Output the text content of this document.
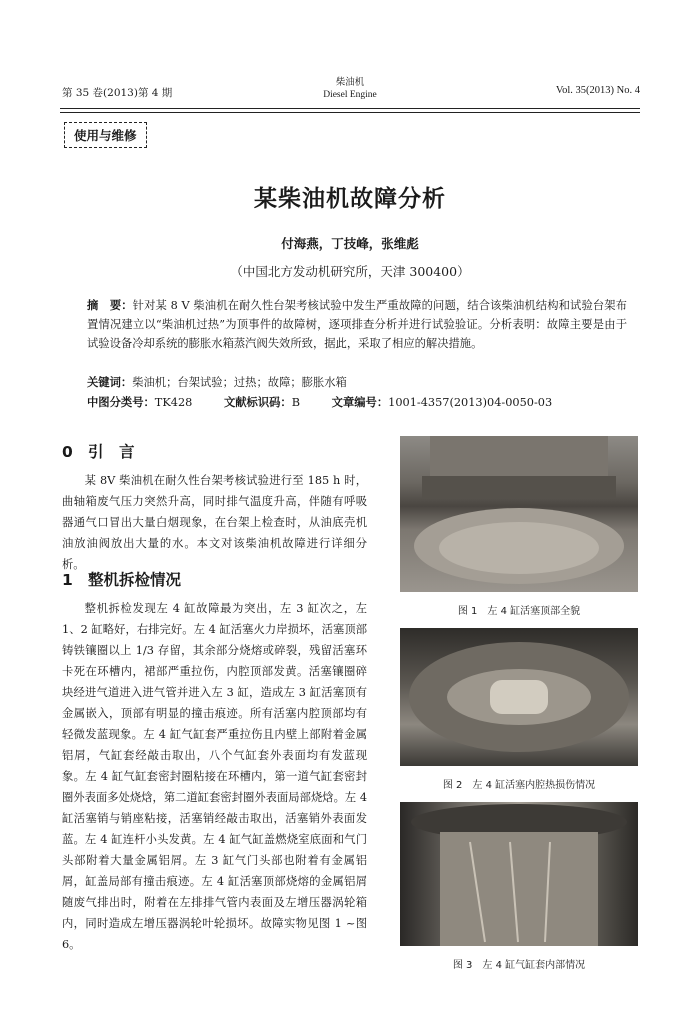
第 35 卷(2013)第 4 期
柴油机
Diesel Engine	Vol. 35(2013) No. 4
使用与维修
某柴油机故障分析
付海燕，丁技峰，张维彪
（中国北方发动机研究所，天津 300400）
摘　要：针对某 8 V 柴油机在耐久性台架考核试验中发生严重故障的问题，结合该柴油机结构和试验台架布置情况建立以“柴油机过热”为顶事件的故障树，逐项排查分析并进行试验验证。分析表明：故障主要是由于试验设备冷却系统的膨胀水箱蒸汽阀失效所致，据此，采取了相应的解决措施。
关键词：柴油机；台架试验；过热；故障；膨胀水箱
中图分类号：TK428	文献标识码：B	文章编号：1001-4357(2013)04-0050-03
0 引　言
某 8V 柴油机在耐久性台架考核试验进行至 185 h 时，曲轴箱废气压力突然升高，同时排气温度升高，伴随有呼吸器通气口冒出大量白烟现象，在台架上检查时，从油底壳机油放油阀放出大量的水。本文对该柴油机故障进行详细分析。
1 整机拆检情况
整机拆检发现左 4 缸故障最为突出，左 3 缸次之，左 1、2 缸略好，右排完好。左 4 缸活塞火力岸损坏，活塞顶部铸铁镶圈以上 1/3 存留，其余部分烧熔或碎裂，残留活塞环卡死在环槽内，裙部严重拉伤，内腔顶部发黄。活塞镶圈碎块经进气道进入进气管并进入左 3 缸，造成左 3 缸活塞顶有金属嵌入，顶部有明显的撞击痕迹。所有活塞内腔顶部均有轻微发蓝现象。左 4 缸气缸套严重拉伤且内壁上部附着金属铝屑，气缸套经敲击取出，八个气缸套外表面均有发蓝现象。左 4 缸气缸套密封圈粘接在环槽内，第一道气缸套密封圈外表面多处烧焓，第二道缸套密封圈外表面局部烧焓。左 4 缸活塞销与销座粘接，活塞销经敲击取出，活塞销外表面发蓝。左 4 缸连杆小头发黄。左 4 缸气缸盖燃烧室底面和气门头部附着大量金属铝屑。左 3 缸气门头部也附着有金属铝屑，缸盖局部有撞击痕迹。左 4 缸活塞顶部烧熔的金属铝屑随废气排出时，附着在左排排气管内表面及左增压器涡轮箱内，同时造成左增压器涡轮叶轮损坏。故障实物见图 1 ~图 6。
图 1　左 4 缸活塞顶部全貌
图 2　左 4 缸活塞内腔热损伤情况
图 3　左 4 缸气缸套内部情况
